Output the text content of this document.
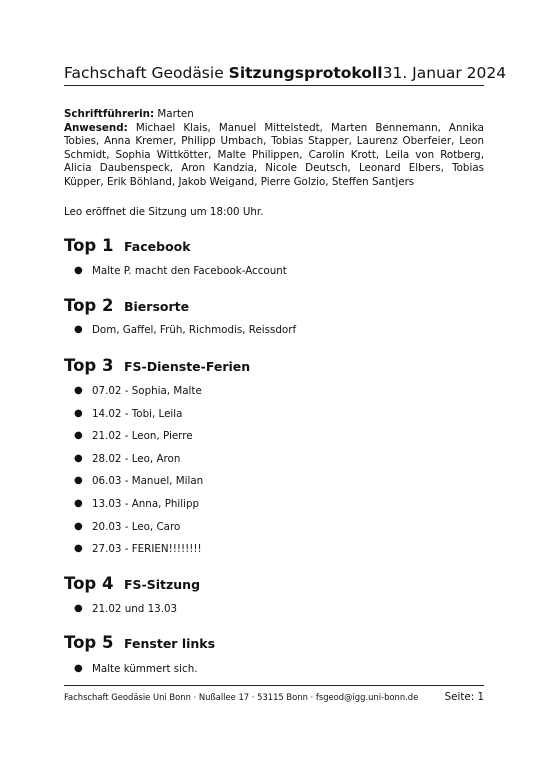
Fachschaft Geodäsie Sitzungsprotokoll 31. Januar 2024
Schriftführerin: Marten
Anwesend: Michael Klais, Manuel Mittelstedt, Marten Bennemann, Annika Tobies, Anna Kremer, Philipp Umbach, Tobias Stapper, Laurenz Oberfeier, Leon Schmidt, Sophia Wittkötter, Malte Philippen, Carolin Krott, Leila von Rotberg, Alicia Daubenspeck, Aron Kandzia, Nicole Deutsch, Leonard Elbers, Tobias Küpper, Erik Böhland, Jakob Weigand, Pierre Golzio, Steffen Santjers
Leo eröffnet die Sitzung um 18:00 Uhr.
Top 1 Facebook
● Malte P. macht den Facebook-Account
Top 2 Biersorte
● Dom, Gaffel, Früh, Richmodis, Reissdorf
Top 3 FS-Dienste-Ferien
● 07.02 - Sophia, Malte
● 14.02 - Tobi, Leila
● 21.02 - Leon, Pierre
● 28.02 - Leo, Aron
● 06.03 - Manuel, Milan
● 13.03 - Anna, Philipp
● 20.03 - Leo, Caro
● 27.03 - FERIEN!!!!!!!!
Top 4 FS-Sitzung
● 21.02 und 13.03
Top 5 Fenster links
● Malte kümmert sich.
Fachschaft Geodäsie Uni Bonn · Nußallee 17 · 53115 Bonn · fsgeod@igg.uni-bonn.de	Seite: 1
